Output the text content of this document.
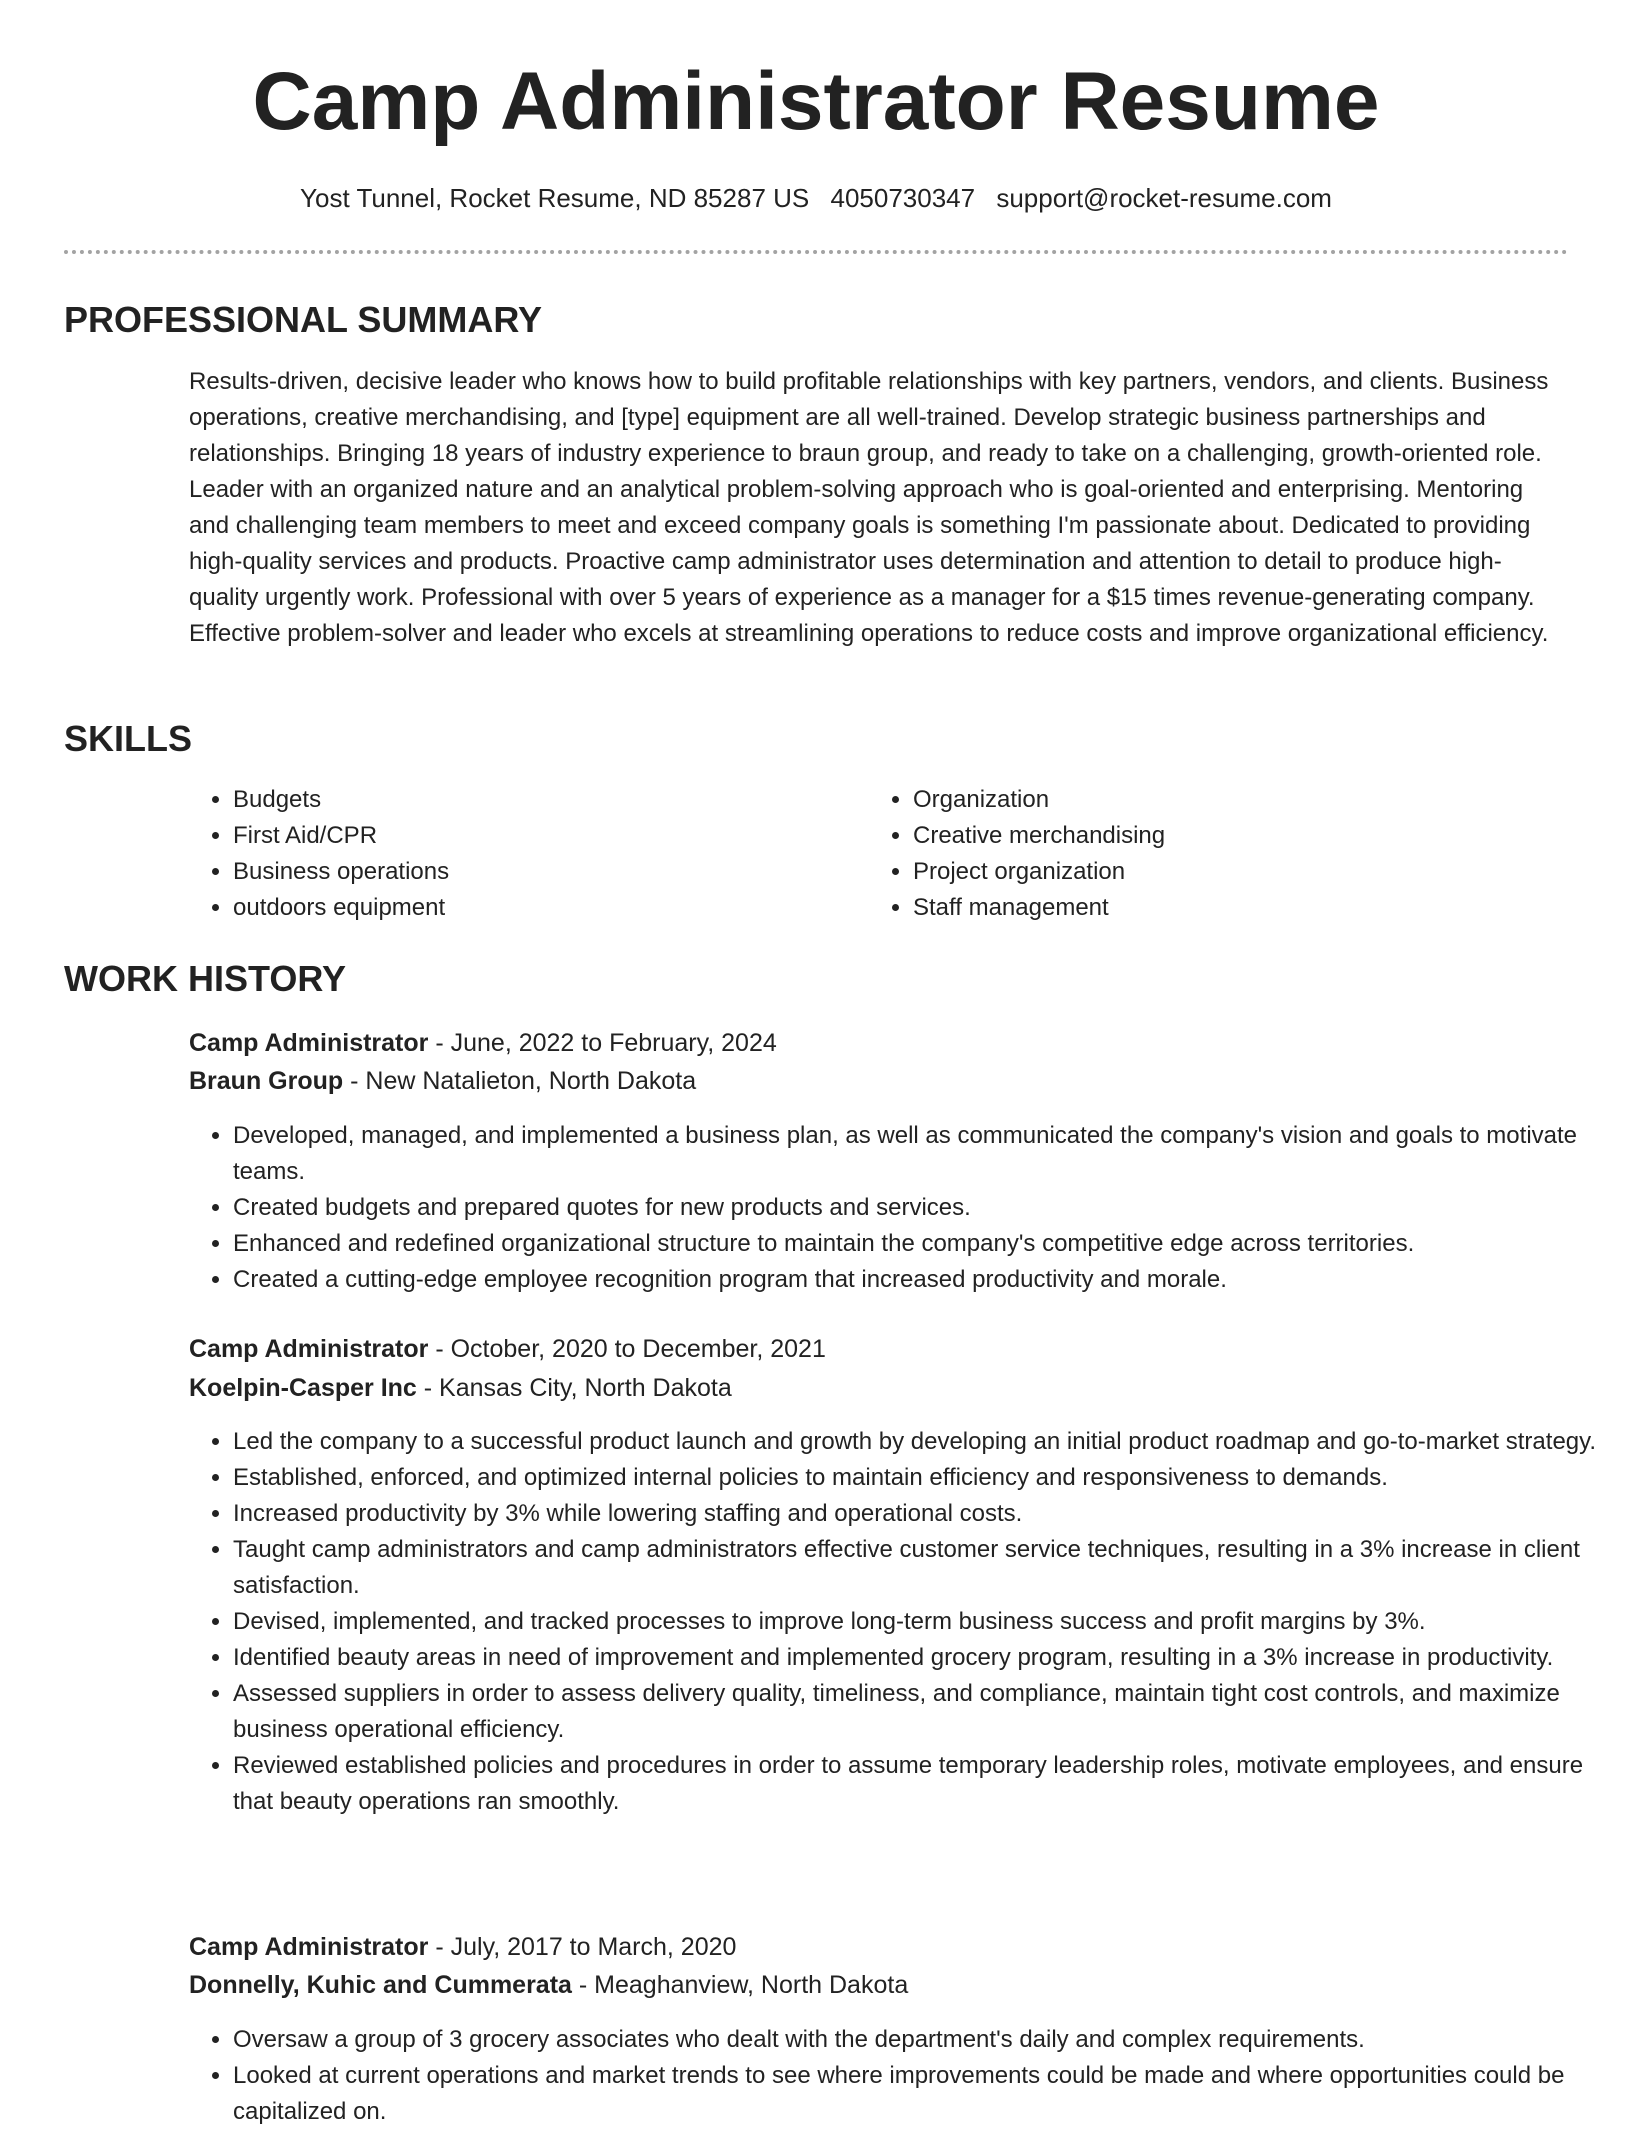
Camp Administrator Resume
Yost Tunnel, Rocket Resume, ND 85287 US 4050730347 support@rocket-resume.com
PROFESSIONAL SUMMARY

Results-driven, decisive leader who knows how to build profitable relationships with key partners, vendors, and clients. Business operations, creative merchandising, and [type] equipment are all well-trained. Develop strategic business partnerships and relationships. Bringing 18 years of industry experience to braun group, and ready to take on a challenging, growth-oriented role. Leader with an organized nature and an analytical problem-solving approach who is goal-oriented and enterprising. Mentoring and challenging team members to meet and exceed company goals is something I'm passionate about. Dedicated to providing high-quality services and products. Proactive camp administrator uses determination and attention to detail to produce high-quality urgently work. Professional with over 5 years of experience as a manager for a $15 times revenue-generating company. Effective problem-solver and leader who excels at streamlining operations to reduce costs and improve organizational efficiency.

SKILLS
• Budgets
• First Aid/CPR
• Business operations
• outdoors equipment
• Organization
• Creative merchandising
• Project organization
• Staff management
WORK HISTORY
Camp Administrator - June, 2022 to February, 2024
Braun Group - New Natalieton, North Dakota
• Developed, managed, and implemented a business plan, as well as communicated the company's vision and goals to motivate teams.
• Created budgets and prepared quotes for new products and services.
• Enhanced and redefined organizational structure to maintain the company's competitive edge across territories.
• Created a cutting-edge employee recognition program that increased productivity and morale.
Camp Administrator - October, 2020 to December, 2021
Koelpin-Casper Inc - Kansas City, North Dakota
• Led the company to a successful product launch and growth by developing an initial product roadmap and go-to-market strategy.
• Established, enforced, and optimized internal policies to maintain efficiency and responsiveness to demands.
• Increased productivity by 3% while lowering staffing and operational costs.
• Taught camp administrators and camp administrators effective customer service techniques, resulting in a 3% increase in client satisfaction.
• Devised, implemented, and tracked processes to improve long-term business success and profit margins by 3%.
• Identified beauty areas in need of improvement and implemented grocery program, resulting in a 3% increase in productivity.
• Assessed suppliers in order to assess delivery quality, timeliness, and compliance, maintain tight cost controls, and maximize business operational efficiency.
• Reviewed established policies and procedures in order to assume temporary leadership roles, motivate employees, and ensure that beauty operations ran smoothly.
Camp Administrator - July, 2017 to March, 2020
Donnelly, Kuhic and Cummerata - Meaghanview, North Dakota
• Oversaw a group of 3 grocery associates who dealt with the department's daily and complex requirements.
• Looked at current operations and market trends to see where improvements could be made and where opportunities could be capitalized on.
